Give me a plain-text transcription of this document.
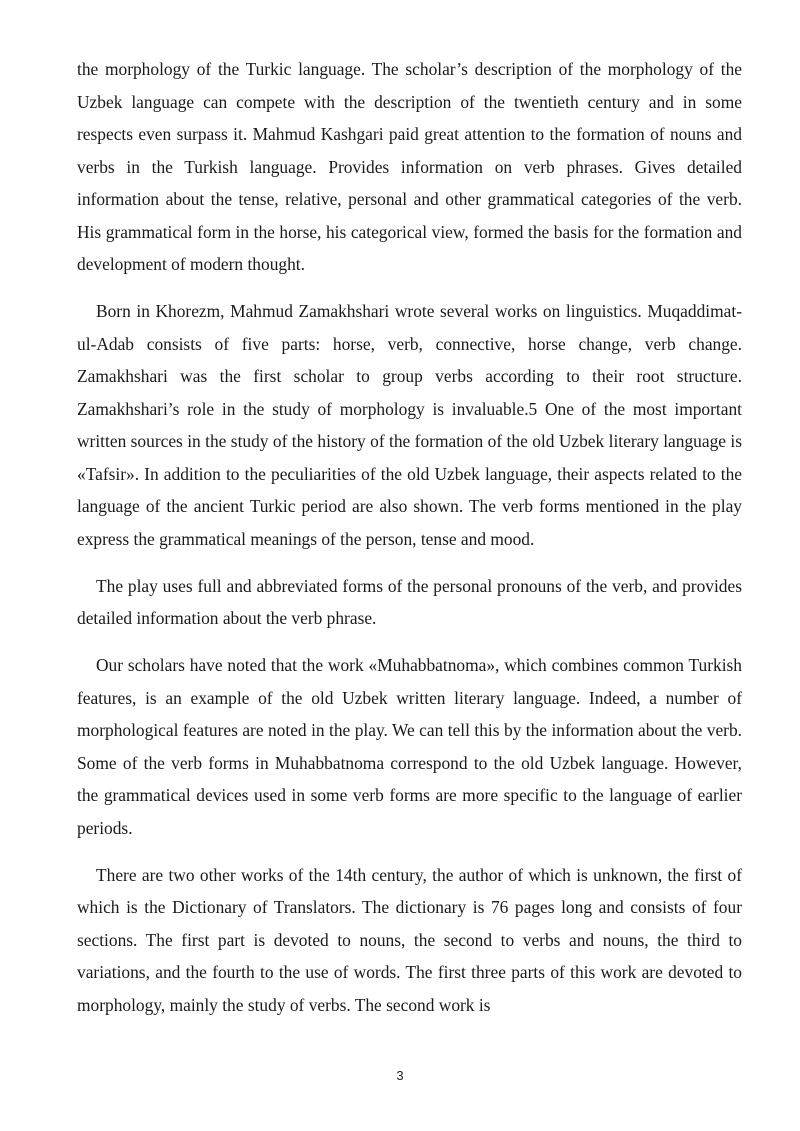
the morphology of the Turkic language. The scholar’s description of the morphology of the Uzbek language can compete with the description of the twentieth century and in some respects even surpass it. Mahmud Kashgari paid great attention to the formation of nouns and verbs in the Turkish language. Provides information on verb phrases. Gives detailed information about the tense, relative, personal and other grammatical categories of the verb. His grammatical form in the horse, his categorical view, formed the basis for the formation and development of modern thought.

Born in Khorezm, Mahmud Zamakhshari wrote several works on linguistics. Muqaddimat-ul-Adab consists of five parts: horse, verb, connective, horse change, verb change. Zamakhshari was the first scholar to group verbs according to their root structure. Zamakhshari’s role in the study of morphology is invaluable.5 One of the most important written sources in the study of the history of the formation of the old Uzbek literary language is «Tafsir». In addition to the peculiarities of the old Uzbek language, their aspects related to the language of the ancient Turkic period are also shown. The verb forms mentioned in the play express the grammatical meanings of the person, tense and mood.

The play uses full and abbreviated forms of the personal pronouns of the verb, and provides detailed information about the verb phrase.

Our scholars have noted that the work «Muhabbatnoma», which combines common Turkish features, is an example of the old Uzbek written literary language. Indeed, a number of morphological features are noted in the play. We can tell this by the information about the verb. Some of the verb forms in Muhabbatnoma correspond to the old Uzbek language. However, the grammatical devices used in some verb forms are more specific to the language of earlier periods.

There are two other works of the 14th century, the author of which is unknown, the first of which is the Dictionary of Translators. The dictionary is 76 pages long and consists of four sections. The first part is devoted to nouns, the second to verbs and nouns, the third to variations, and the fourth to the use of words. The first three parts of this work are devoted to morphology, mainly the study of verbs. The second work is

3
